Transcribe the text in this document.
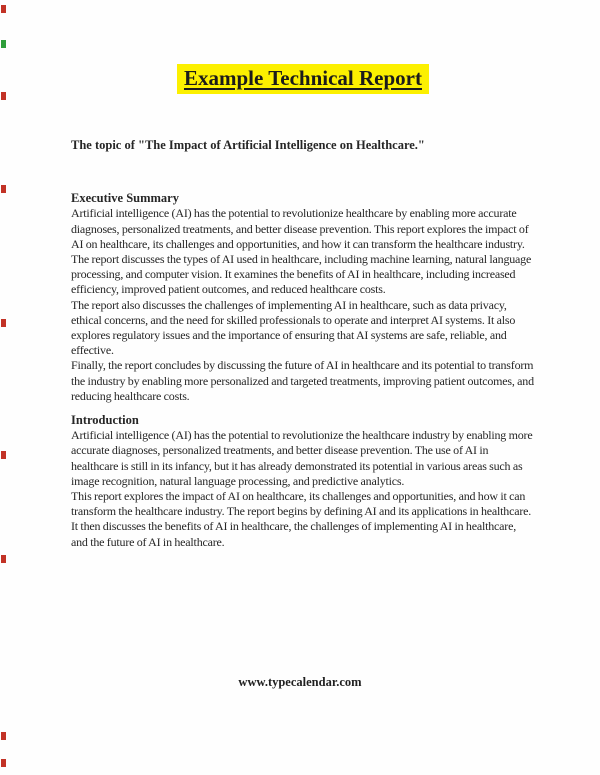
Example Technical Report

The topic of "The Impact of Artificial Intelligence on Healthcare."

Executive Summary

Artificial intelligence (AI) has the potential to revolutionize healthcare by enabling more accurate diagnoses, personalized treatments, and better disease prevention. This report explores the impact of AI on healthcare, its challenges and opportunities, and how it can transform the healthcare industry.

The report discusses the types of AI used in healthcare, including machine learning, natural language processing, and computer vision. It examines the benefits of AI in healthcare, including increased efficiency, improved patient outcomes, and reduced healthcare costs.

The report also discusses the challenges of implementing AI in healthcare, such as data privacy, ethical concerns, and the need for skilled professionals to operate and interpret AI systems. It also explores regulatory issues and the importance of ensuring that AI systems are safe, reliable, and effective.

Finally, the report concludes by discussing the future of AI in healthcare and its potential to transform the industry by enabling more personalized and targeted treatments, improving patient outcomes, and reducing healthcare costs.

Introduction

Artificial intelligence (AI) has the potential to revolutionize the healthcare industry by enabling more accurate diagnoses, personalized treatments, and better disease prevention. The use of AI in healthcare is still in its infancy, but it has already demonstrated its potential in various areas such as image recognition, natural language processing, and predictive analytics.

This report explores the impact of AI on healthcare, its challenges and opportunities, and how it can transform the healthcare industry. The report begins by defining AI and its applications in healthcare. It then discusses the benefits of AI in healthcare, the challenges of implementing AI in healthcare, and the future of AI in healthcare.

www.typecalendar.com
